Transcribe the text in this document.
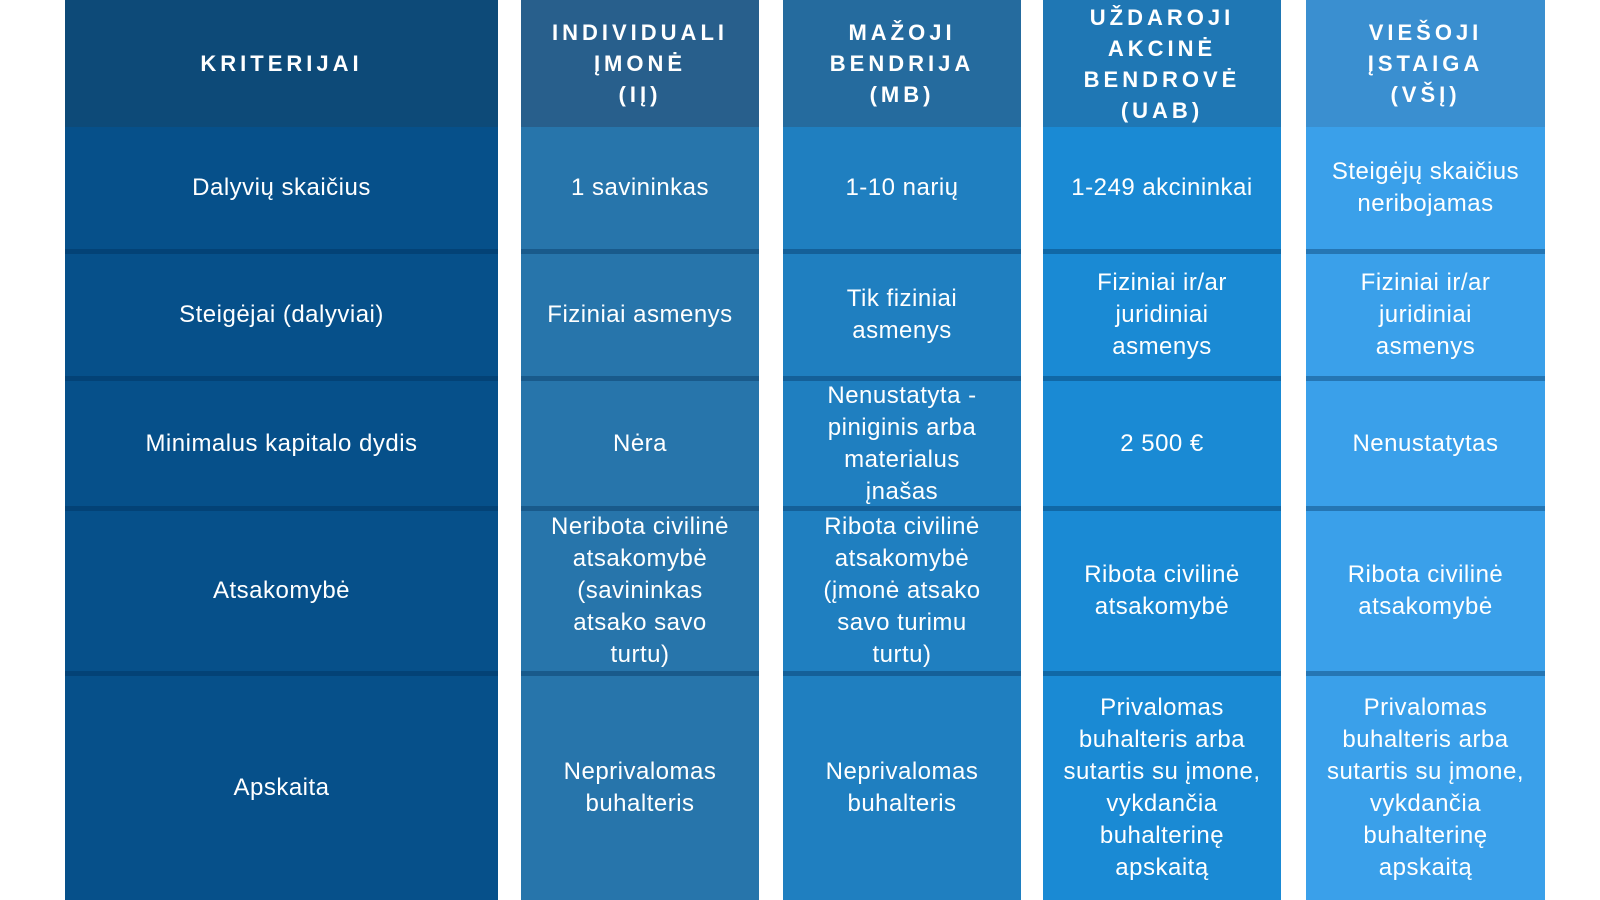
KRITERIJAI
Dalyvių skaičius
Steigėjai (dalyviai)
Minimalus kapitalo dydis
Atsakomybė
Apskaita
INDIVIDUALI
ĮMONĖ
(IĮ)
1 savininkas
Fiziniai asmenys
Nėra
Neribota civilinė
atsakomybė
(savininkas
atsako savo
turtu)
Neprivalomas
buhalteris
MAŽOJI
BENDRIJA
(MB)
1-10 narių
Tik fiziniai
asmenys
Nenustatyta -
piniginis arba
materialus
įnašas
Ribota civilinė
atsakomybė
(įmonė atsako
savo turimu
turtu)
Neprivalomas
buhalteris
UŽDAROJI
AKCINĖ
BENDROVĖ
(UAB)
1-249 akcininkai
Fiziniai ir/ar
juridiniai
asmenys
2 500 €
Ribota civilinė
atsakomybė
Privalomas
buhalteris arba
sutartis su įmone,
vykdančia
buhalterinę
apskaitą
VIEŠOJI
ĮSTAIGA
(VŠĮ)
Steigėjų skaičius
neribojamas
Fiziniai ir/ar
juridiniai
asmenys
Nenustatytas
Ribota civilinė
atsakomybė
Privalomas
buhalteris arba
sutartis su įmone,
vykdančia
buhalterinę
apskaitą
